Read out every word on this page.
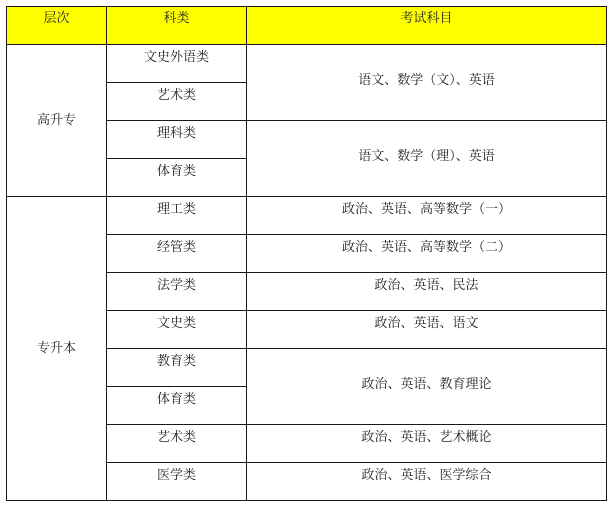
层次	科类	考试科目
高升专	文史外语类	语文、数学（文）、英语
	艺术类	
	理科类	语文、数学（理）、英语
	体育类	
专升本	理工类	政治、英语、高等数学（一）
	经管类	政治、英语、高等数学（二）
	法学类	政治、英语、民法
	文史类	政治、英语、语文
	教育类	政治、英语、教育理论
	体育类	
	艺术类	政治、英语、艺术概论
	医学类	政治、英语、医学综合
